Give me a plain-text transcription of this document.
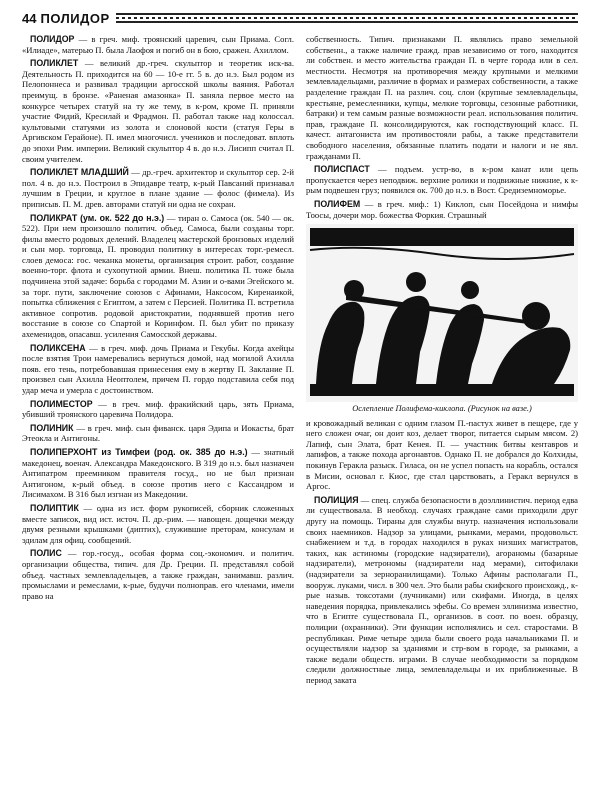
44 ПОЛИДОР

ПОЛИДОР — в греч. миф. троянский царевич, сын Приама. Согл. «Илиаде», матерью П. была Лаофоя и погиб он в бою, сражен. Ахиллом.

ПОЛИКЛЕТ — великий др.-греч. скульптор и теоретик иск-ва. Деятельность П. приходится на 60 — 10-е гг. 5 в. до н.э. Был родом из Пелопоннеса и развивал традиции аргосской школы ваяния. Работал преимущ. в бронзе. «Раненая амазонка» П. заняла первое место на конкурсе четырех статуй на ту же тему, в к-ром, кроме П. приняли участие Фидий, Кресилай и Фрадмон. П. работал также над колоссал. культовыми статуями из золота и слоновой кости (статуя Геры в Аргивском Герайоне). П. имел многочисл. учеников и последоват. вплоть до эпохи Рим. империи. Великий скульптор 4 в. до н.э. Лисипп считал П. своим учителем.

ПОЛИКЛЕТ МЛАДШИЙ — др.-греч. архитектор и скульптор сер. 2-й пол. 4 в. до н.э. Построил в Эпидавре театр, к-рый Павсаний признавал лучшим в Греции, и круглое в плане здание — фолос (фимела). Из приписыв. П. М. древ. авторами статуй ни одна не сохран.

ПОЛИКРАТ (ум. ок. 522 до н.э.) — тиран о. Самоса (ок. 540 — ок. 522). При нем произошло политич. объед. Самоса, были созданы торг. филы вместо родовых делений. Владелец мастерской бронзовых изделий и сын мор. торговца, П. проводил политику в интересах торг.-ремесл. слоев демоса: гос. чеканка монеты, организация строит. работ, создание военно-торг. флота и сухопутной армии. Внеш. политика П. тоже была подчинена этой задаче: борьба с городами М. Азии и о-вами Эгейского м. за торг. пути, заключение союзов с Афинами, Наксосом, Киренаикой, попытка сближения с Египтом, а затем с Персией. Политика П. встретила активное сопротив. родовой аристократии, поднявшей против него восстание в союзе со Спартой и Коринфом. П. был убит по приказу ахеменидов, опасавш. усиления Самосской державы.

ПОЛИКСЕНА — в греч. миф. дочь Приама и Гекубы. Когда ахейцы после взятия Трои намеревались вернуться домой, над могилой Ахилла появ. его тень, потребовавшая принесения ему в жертву П. Заклание П. произвел сын Ахилла Неоптолем, причем П. гордо подставила себя под удар меча и умерла с достоинством.

ПОЛИМЕСТОР — в греч. миф. фракийский царь, зять Приама, убивший троянского царевича Полидора.

ПОЛИНИК — в греч. миф. сын фиванск. царя Эдипа и Иокасты, брат Этеокла и Антигоны.

ПОЛИПЕРХОНТ из Тимфеи (род. ок. 385 до н.э.) — знатный македонец, военач. Александра Македонского. В 319 до н.э. был назначен Антипатром преемником правителя госуд., но не был признан Антигоном, к-рый объед. в союзе против него с Кассандром и Лисимахом. В 316 был изгнан из Македонии.

ПОЛИПТИК — одна из ист. форм рукописей, сборник сложенных вместе записок, вид ист. источ. П. др.-рим. — навощен. дощечки между двумя резными крышками (диптих), служившие преторам, консулам и эдилам для офиц. сообщений.

ПОЛИС — гор.-госуд., особая форма соц.-экономич. и политич. организации общества, типич. для Др. Греции. П. представлял собой объед. частных землевладельцев, а также граждан, занимавш. различ. промыслами и ремеслами, к-рые, будучи полноправ. его членами, имели право на

собственность. Типич. признаками П. являлись право земельной собственн., а также наличие гражд. прав независимо от того, находится ли собствен. и место жительства граждан П. в черте города или в сел. местности. Несмотря на противоречия между крупными и мелкими землевладельцами, различие в формах и размерах собственности, а также разделение граждан П. на различ. соц. слои (крупные землевладельцы, крестьяне, ремесленники, купцы, мелкие торговцы, сезонные работники, батраки) и тем самым разные возможности реал. использования политич. прав, граждане П. консолидируются, как господствующий класс. П. качест. антагониста им противостояли рабы, а также представители свободного населения, обязанные платить подати и налоги и не явл. гражданами П.

ПОЛИСПАСТ — подъем. устр-во, в к-ром канат или цепь пропускается через неподвиж. верхние ролики и подвижные нижние, к к-рым подвешен груз; появился ок. 700 до н.э. в Вост. Средиземноморье.

ПОЛИФЕМ — в греч. миф.: 1) Киклоп, сын Посейдона и нимфы Тоосы, дочери мор. божества Форкия. Страшный

Ослепление Полифема-киклопа. (Рисунок на вазе.)

и кровожадный великан с одним глазом П.-пастух живет в пещере, где у него сложен очаг, он доит коз, делает творог, питается сырым мясом. 2) Лапиф, сын Элата, брат Кенея. П. — участник битвы кентавров и лапифов, а также похода аргонавтов. Однако П. не добрался до Колхиды, покинув Геракла разыск. Гиласа, он не успел попасть на корабль, остался в Мисии, основал г. Киос, где стал царствовать, а Геракл вернулся в Аргос.

ПОЛИЦИЯ — спец. служба безопасности в доэллинистич. период едва ли существовала. В необход. случаях граждане сами приходили друг другу на помощь. Тираны для службы внутр. назначения использовали своих наемников. Надзор за улицами, рынками, мерами, продовольст. снабжением и т.д. в городах находился в руках низших магистратов, таких, как астиномы (городские надзиратели), агораномы (базарные надзиратели), метрономы (надзиратели над мерами), ситофилаки (надзиратели за зерноранилищами). Только Афины располагали П., вооруж. луками, числ. в 300 чел. Это были рабы скифского происхожд., к-рые назыв. токсотами (лучниками) или скифами. Иногда, в целях наведения порядка, привлекались эфебы. Со времен эллинизма известно, что в Египте существовала П., организов. в соот. по воен. образцу, полиции (охранники). Эти функции исполнялись и сел. старостами. В республикан. Риме четыре эдила были своего рода начальниками П. и осуществляли надзор за зданиями и стр-вом в городе, за рынками, а также ведали обществ. играми. В случае необходимости за порядком следили должностные лица, землевладельцы и их приближенные. В период заката
